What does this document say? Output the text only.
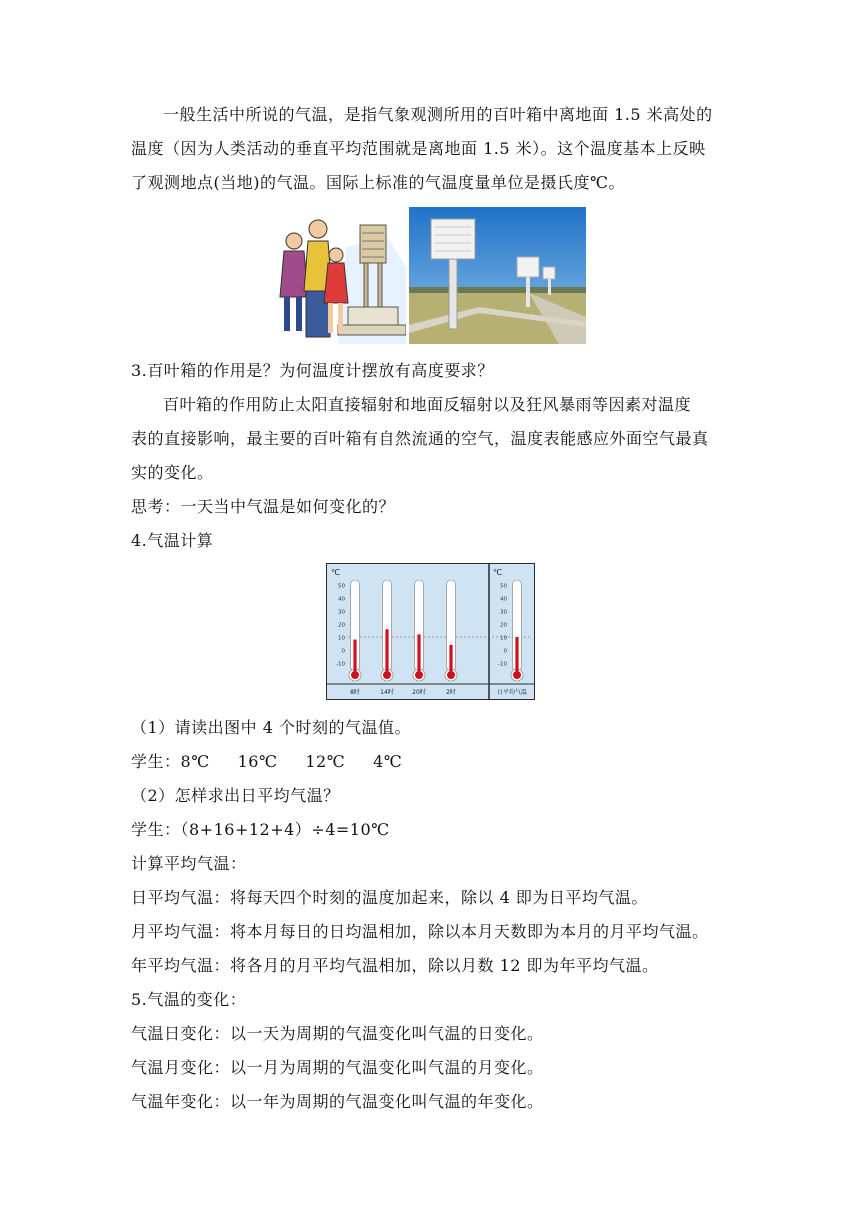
一般生活中所说的气温，是指气象观测所用的百叶箱中离地面 1.5 米高处的
温度（因为人类活动的垂直平均范围就是离地面 1.5 米）。这个温度基本上反映
了观测地点(当地)的气温。国际上标准的气温度量单位是摄氏度℃。
3.百叶箱的作用是？为何温度计摆放有高度要求？
百叶箱的作用防止太阳直接辐射和地面反辐射以及狂风暴雨等因素对温度
表的直接影响，最主要的百叶箱有自然流通的空气，温度表能感应外面空气最真
实的变化。
思考：一天当中气温是如何变化的？
4.气温计算
℃
50
40
30
20
10
0
-10
℃
50
40
30
20
10
0
-10
8时	14时	20时	2时	日平均气温
（1）请读出图中 4 个时刻的气温值。
学生：8℃ 16℃ 12℃ 4℃
（2）怎样求出日平均气温？
学生：（8+16+12+4）÷4=10℃
计算平均气温：
日平均气温：将每天四个时刻的温度加起来，除以 4 即为日平均气温。
月平均气温：将本月每日的日均温相加，除以本月天数即为本月的月平均气温。
年平均气温：将各月的月平均气温相加，除以月数 12 即为年平均气温。
5.气温的变化：
气温日变化：以一天为周期的气温变化叫气温的日变化。
气温月变化：以一月为周期的气温变化叫气温的月变化。
气温年变化：以一年为周期的气温变化叫气温的年变化。
